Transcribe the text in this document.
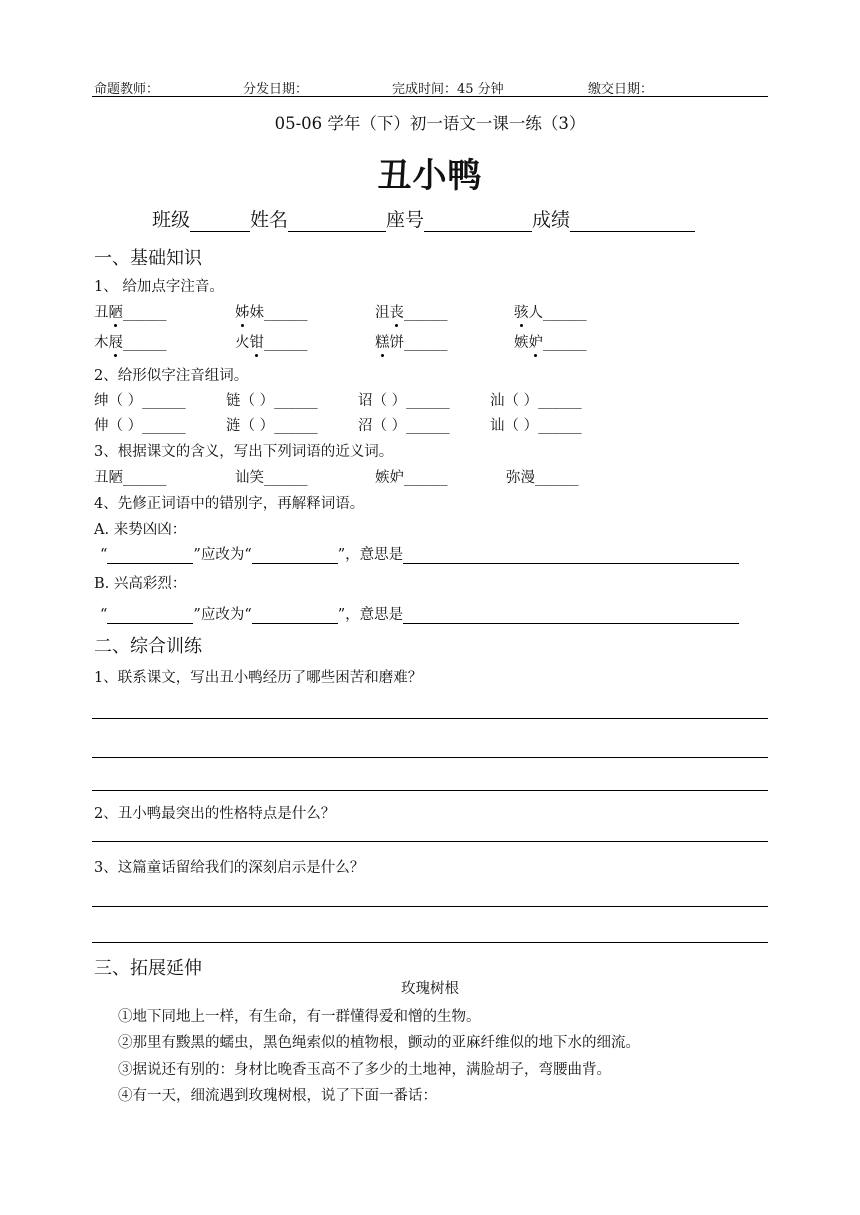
命题教师：	分发日期：	完成时间：45 分钟	缴交日期：
05-06 学年（下）初一语文一课一练（3）
丑小鸭
班级	姓名	座号	成绩
一、基础知识
1、 给加点字注音。
丑陋______	姊妹______	沮丧______	骇人______
木屐______	火钳______	糕饼______	嫉妒______
2、给形似字注音组词。
绅（ ）______	链（ ）______	诏（ ）______	汕（ ）______
伸（ ）______	涟（ ）______	沼（ ）______	讪（ ）______
3、根据课文的含义，写出下列词语的近义词。
丑陋______	讪笑______	嫉妒______	弥漫______
4、先修正词语中的错别字，再解释词语。
A. 来势凶凶：
“	”应改为“	”，意思是
B. 兴高彩烈：
“	”应改为“	”，意思是
二、综合训练
1、联系课文，写出丑小鸭经历了哪些困苦和磨难？
2、丑小鸭最突出的性格特点是什么？
3、这篇童话留给我们的深刻启示是什么？
三、拓展延伸
玫瑰树根
①地下同地上一样，有生命，有一群懂得爱和憎的生物。
②那里有黢黑的蠕虫，黑色绳索似的植物根，颤动的亚麻纤维似的地下水的细流。
③据说还有别的：身材比晚香玉高不了多少的土地神，满脸胡子，弯腰曲背。
④有一天，细流遇到玫瑰树根，说了下面一番话：
